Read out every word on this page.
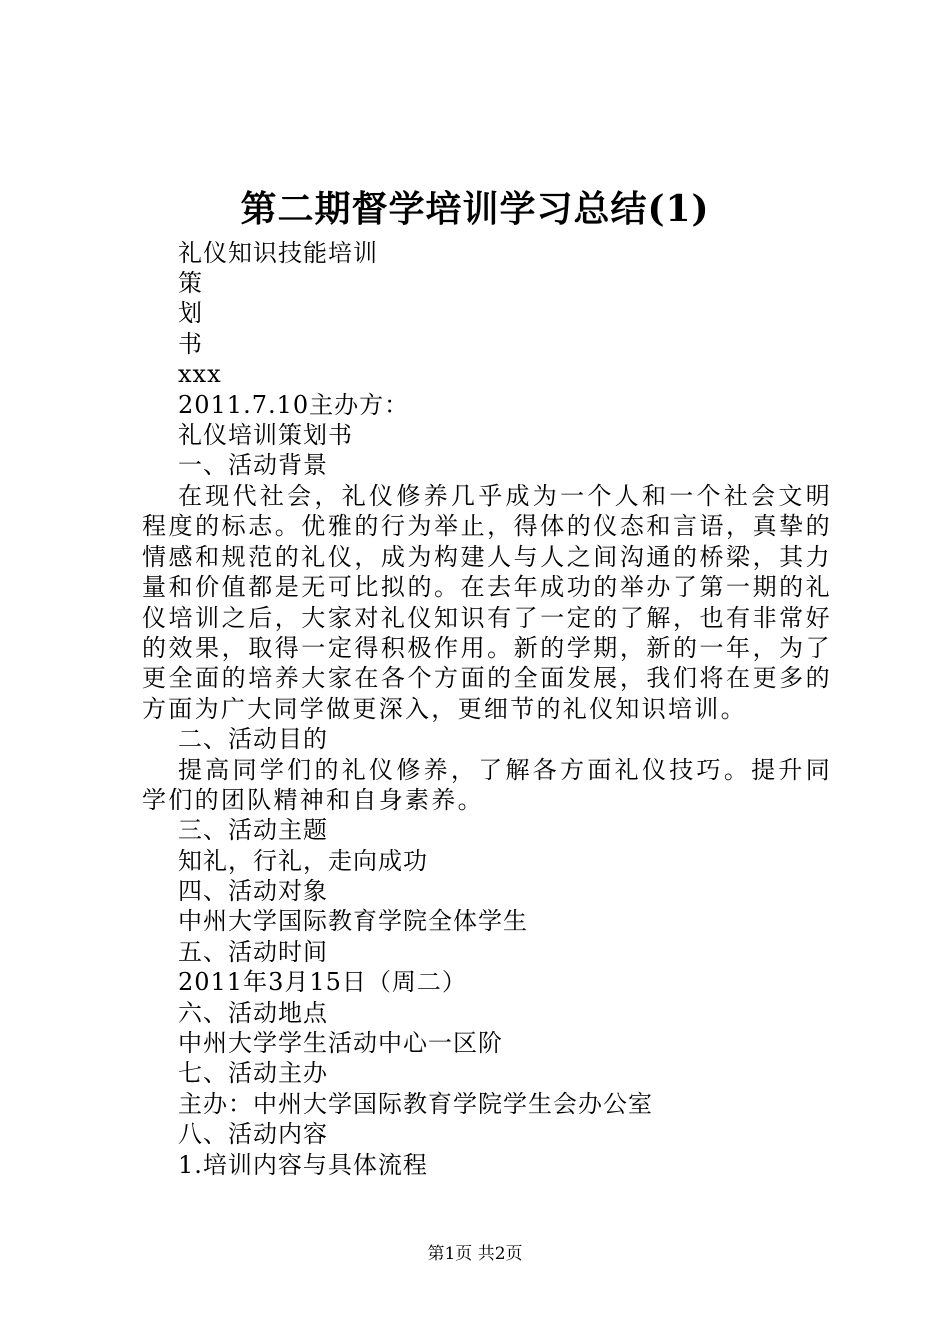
第二期督学培训学习总结(1)
礼仪知识技能培训
策
划
书
xxx
2011.7.10主办方：
礼仪培训策划书
一、活动背景
在现代社会，礼仪修养几乎成为一个人和一个社会文明程度的标志。优雅的行为举止，得体的仪态和言语，真挚的情感和规范的礼仪，成为构建人与人之间沟通的桥梁，其力量和价值都是无可比拟的。在去年成功的举办了第一期的礼仪培训之后，大家对礼仪知识有了一定的了解，也有非常好的效果，取得一定得积极作用。新的学期，新的一年，为了更全面的培养大家在各个方面的全面发展，我们将在更多的方面为广大同学做更深入，更细节的礼仪知识培训。
二、活动目的
提高同学们的礼仪修养，了解各方面礼仪技巧。提升同学们的团队精神和自身素养。
三、活动主题
知礼，行礼，走向成功
四、活动对象
中州大学国际教育学院全体学生
五、活动时间
2011年3月15日（周二）
六、活动地点
中州大学学生活动中心一区阶
七、活动主办
主办：中州大学国际教育学院学生会办公室
八、活动内容
1.培训内容与具体流程
第1页 共2页
